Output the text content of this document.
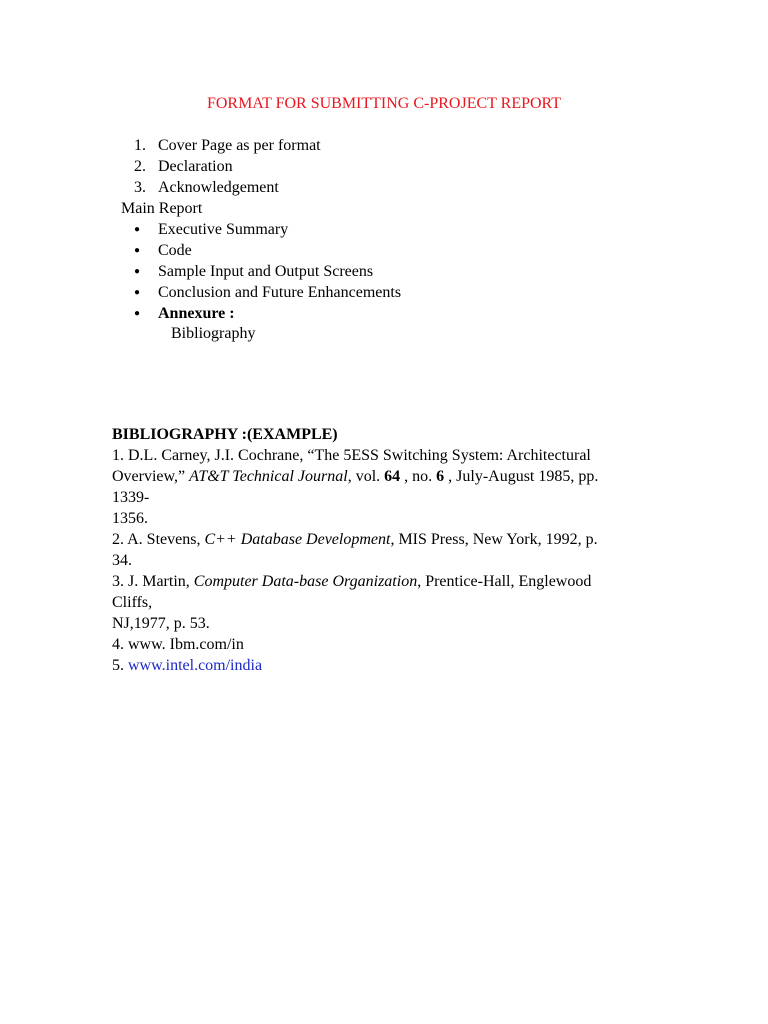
FORMAT FOR SUBMITTING C-PROJECT REPORT
1. Cover Page as per format
2. Declaration
3. Acknowledgement
Main Report
● Executive Summary
● Code
● Sample Input and Output Screens
● Conclusion and Future Enhancements
● Annexure :
Bibliography
BIBLIOGRAPHY :(EXAMPLE)
1. D.L. Carney, J.I. Cochrane, “The 5ESS Switching System: Architectural
Overview,” AT&T Technical Journal, vol. 64 , no. 6 , July-August 1985, pp.
1339-
1356.
2. A. Stevens, C++ Database Development, MIS Press, New York, 1992, p.
34.
3. J. Martin, Computer Data-base Organization, Prentice-Hall, Englewood
Cliffs,
NJ,1977, p. 53.
4. www. Ibm.com/in
5. www.intel.com/india
